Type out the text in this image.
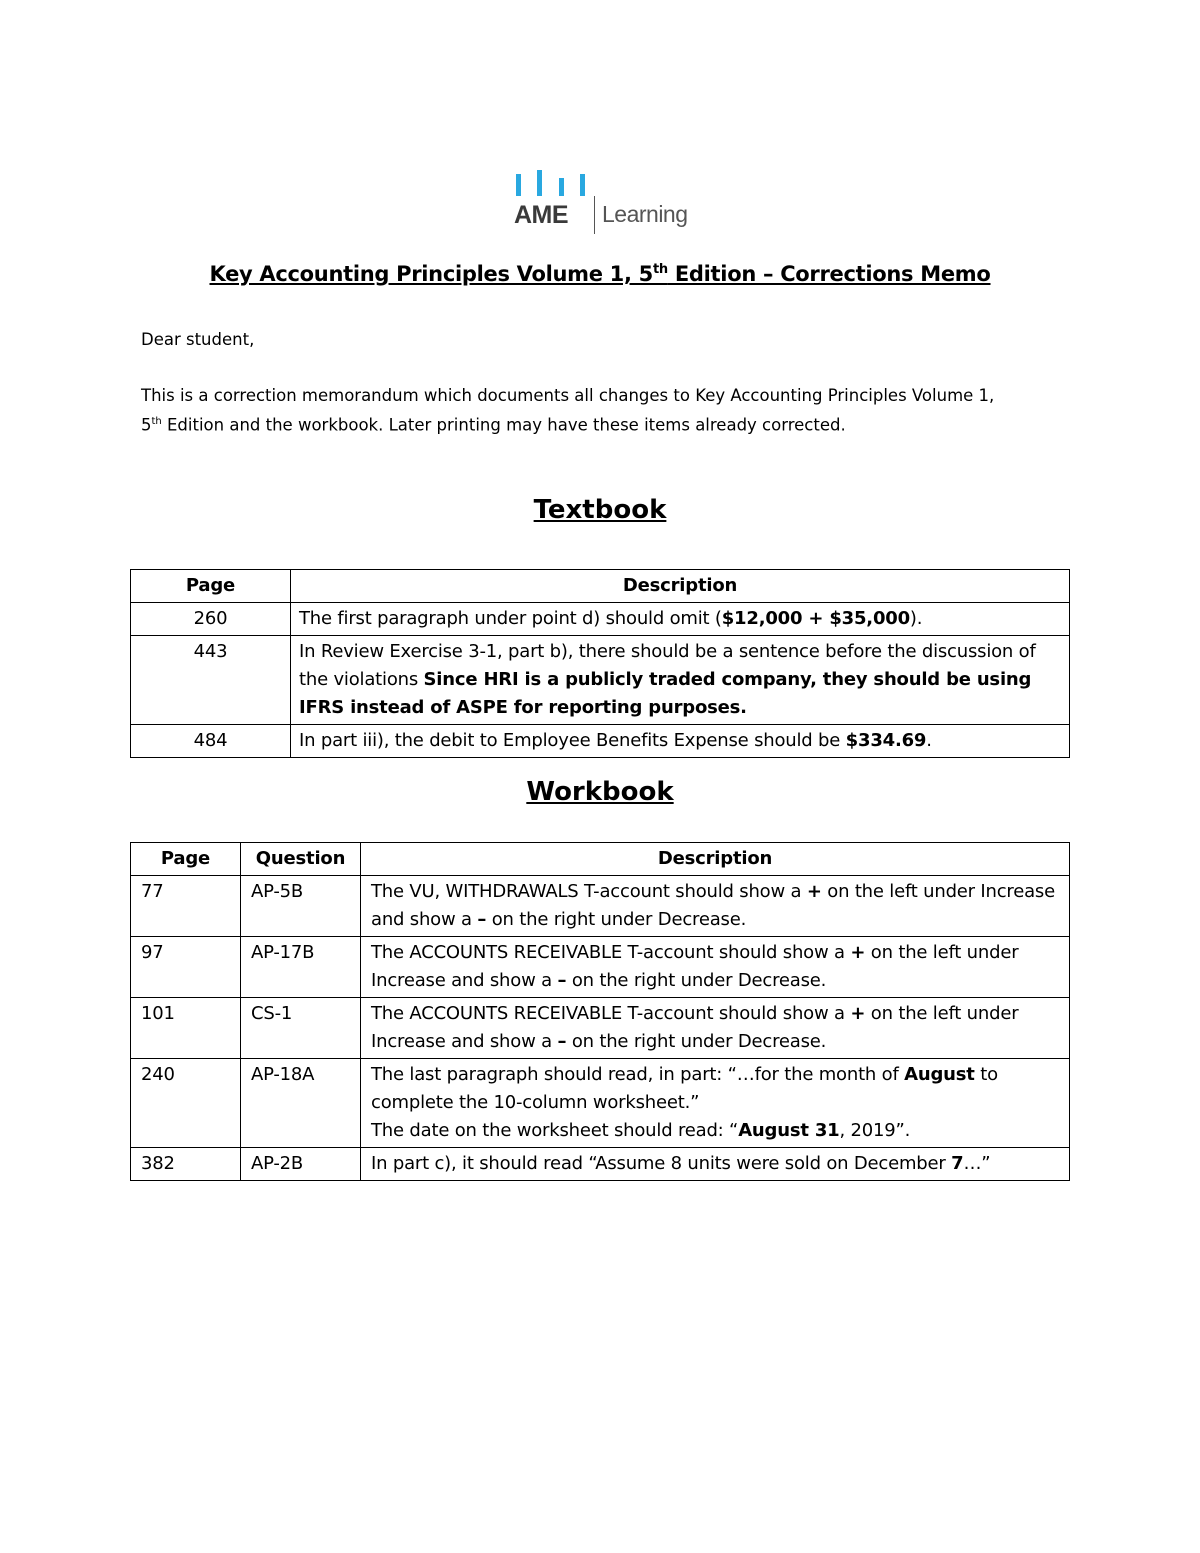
AME Learning
Key Accounting Principles Volume 1, 5th Edition – Corrections Memo
Dear student,
This is a correction memorandum which documents all changes to Key Accounting Principles Volume 1,
5th Edition and the workbook. Later printing may have these items already corrected.
Textbook
Page	Description
260	The first paragraph under point d) should omit ($12,000 + $35,000).
443	In Review Exercise 3-1, part b), there should be a sentence before the discussion of the violations Since HRI is a publicly traded company, they should be using IFRS instead of ASPE for reporting purposes.
484	In part iii), the debit to Employee Benefits Expense should be $334.69.
Workbook
Page	Question	Description
77	AP-5B	The VU, WITHDRAWALS T-account should show a + on the left under Increase and show a – on the right under Decrease.
97	AP-17B	The ACCOUNTS RECEIVABLE T-account should show a + on the left under Increase and show a – on the right under Decrease.
101	CS-1	The ACCOUNTS RECEIVABLE T-account should show a + on the left under Increase and show a – on the right under Decrease.
240	AP-18A	The last paragraph should read, in part: “…for the month of August to complete the 10-column worksheet.”
The date on the worksheet should read: “August 31, 2019”.
382	AP-2B	In part c), it should read “Assume 8 units were sold on December 7…”
